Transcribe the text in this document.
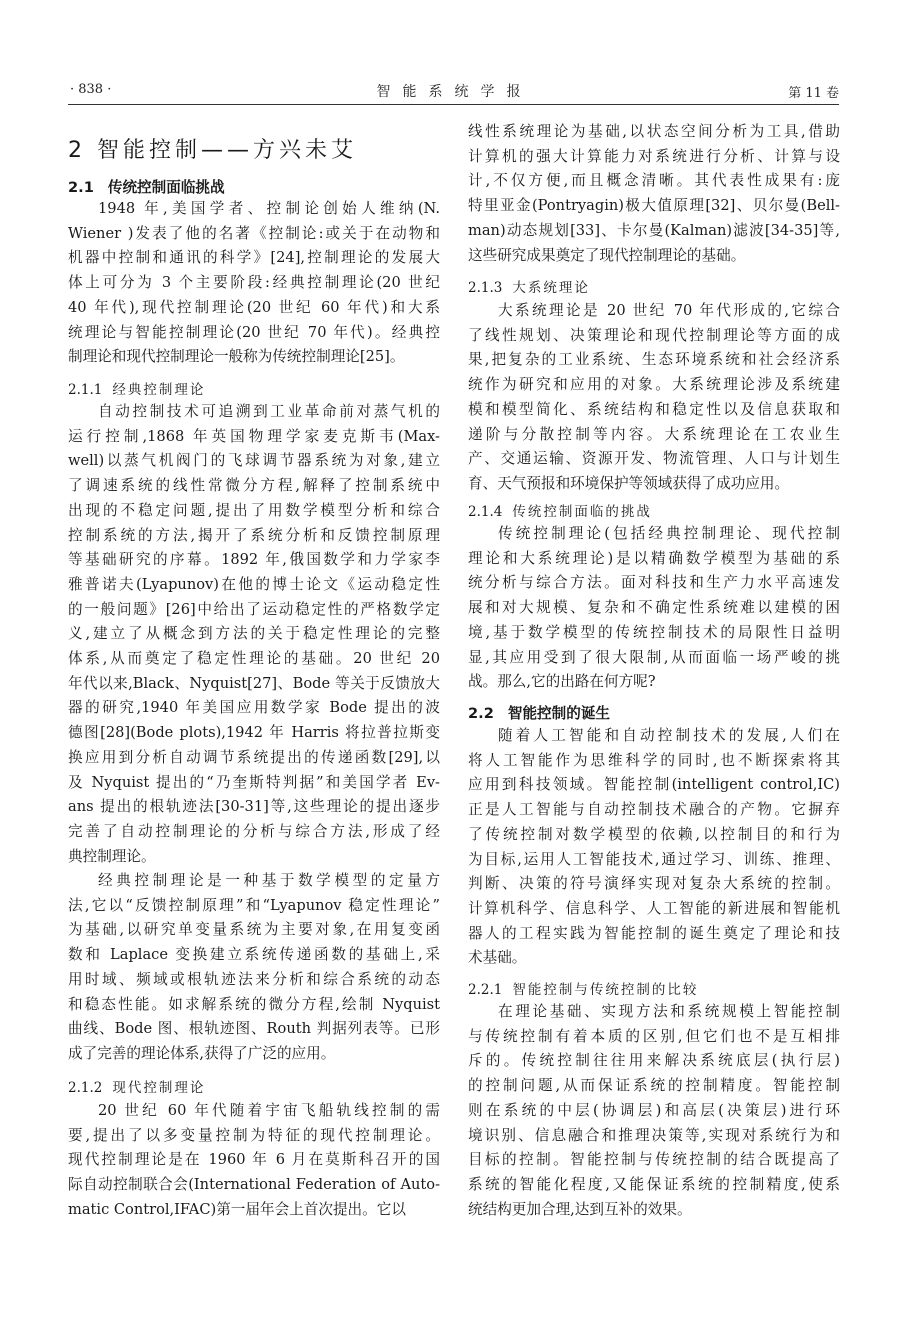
· 838 ·	智能系统学报	第 11 卷
2 智能控制——方兴未艾
2.1 传统控制面临挑战
1948 年,美国学者、控制论创始人维纳(N.
Wiener )发表了他的名著《控制论:或关于在动物和
机器中控制和通讯的科学》[24],控制理论的发展大
体上可分为 3 个主要阶段:经典控制理论(20 世纪
40 年代),现代控制理论(20 世纪 60 年代)和大系
统理论与智能控制理论(20 世纪 70 年代)。经典控
制理论和现代控制理论一般称为传统控制理论[25]。
2.1.1 经典控制理论
自动控制技术可追溯到工业革命前对蒸气机的
运行控制,1868 年英国物理学家麦克斯韦(Max-
well)以蒸气机阀门的飞球调节器系统为对象,建立
了调速系统的线性常微分方程,解释了控制系统中
出现的不稳定问题,提出了用数学模型分析和综合
控制系统的方法,揭开了系统分析和反馈控制原理
等基础研究的序幕。1892 年,俄国数学和力学家李
雅普诺夫(Lyapunov)在他的博士论文《运动稳定性
的一般问题》[26]中给出了运动稳定性的严格数学定
义,建立了从概念到方法的关于稳定性理论的完整
体系,从而奠定了稳定性理论的基础。20 世纪 20
年代以来,Black、Nyquist[27]、Bode 等关于反馈放大
器的研究,1940 年美国应用数学家 Bode 提出的波
德图[28](Bode plots),1942 年 Harris 将拉普拉斯变
换应用到分析自动调节系统提出的传递函数[29],以
及 Nyquist 提出的“乃奎斯特判据”和美国学者 Ev-
ans 提出的根轨迹法[30-31]等,这些理论的提出逐步
完善了自动控制理论的分析与综合方法,形成了经
典控制理论。
经典控制理论是一种基于数学模型的定量方
法,它以“反馈控制原理”和“Lyapunov 稳定性理论”
为基础,以研究单变量系统为主要对象,在用复变函
数和 Laplace 变换建立系统传递函数的基础上,采
用时域、频域或根轨迹法来分析和综合系统的动态
和稳态性能。如求解系统的微分方程,绘制 Nyquist
曲线、Bode 图、根轨迹图、Routh 判据列表等。已形
成了完善的理论体系,获得了广泛的应用。
2.1.2 现代控制理论
20 世纪 60 年代随着宇宙飞船轨线控制的需
要,提出了以多变量控制为特征的现代控制理论。
现代控制理论是在 1960 年 6 月在莫斯科召开的国
际自动控制联合会(International Federation of Auto-
matic Control,IFAC)第一届年会上首次提出。它以
线性系统理论为基础,以状态空间分析为工具,借助
计算机的强大计算能力对系统进行分析、计算与设
计,不仅方便,而且概念清晰。其代表性成果有:庞
特里亚金(Pontryagin)极大值原理[32]、贝尔曼(Bell-
man)动态规划[33]、卡尔曼(Kalman)滤波[34-35]等,
这些研究成果奠定了现代控制理论的基础。
2.1.3 大系统理论
大系统理论是 20 世纪 70 年代形成的,它综合
了线性规划、决策理论和现代控制理论等方面的成
果,把复杂的工业系统、生态环境系统和社会经济系
统作为研究和应用的对象。大系统理论涉及系统建
模和模型简化、系统结构和稳定性以及信息获取和
递阶与分散控制等内容。大系统理论在工农业生
产、交通运输、资源开发、物流管理、人口与计划生
育、天气预报和环境保护等领域获得了成功应用。
2.1.4 传统控制面临的挑战
传统控制理论(包括经典控制理论、现代控制
理论和大系统理论)是以精确数学模型为基础的系
统分析与综合方法。面对科技和生产力水平高速发
展和对大规模、复杂和不确定性系统难以建模的困
境,基于数学模型的传统控制技术的局限性日益明
显,其应用受到了很大限制,从而面临一场严峻的挑
战。那么,它的出路在何方呢?
2.2 智能控制的诞生
随着人工智能和自动控制技术的发展,人们在
将人工智能作为思维科学的同时,也不断探索将其
应用到科技领域。智能控制(intelligent control,IC)
正是人工智能与自动控制技术融合的产物。它摒弃
了传统控制对数学模型的依赖,以控制目的和行为
为目标,运用人工智能技术,通过学习、训练、推理、
判断、决策的符号演绎实现对复杂大系统的控制。
计算机科学、信息科学、人工智能的新进展和智能机
器人的工程实践为智能控制的诞生奠定了理论和技
术基础。
2.2.1 智能控制与传统控制的比较
在理论基础、实现方法和系统规模上智能控制
与传统控制有着本质的区别,但它们也不是互相排
斥的。传统控制往往用来解决系统底层(执行层)
的控制问题,从而保证系统的控制精度。智能控制
则在系统的中层(协调层)和高层(决策层)进行环
境识别、信息融合和推理决策等,实现对系统行为和
目标的控制。智能控制与传统控制的结合既提高了
系统的智能化程度,又能保证系统的控制精度,使系
统结构更加合理,达到互补的效果。
